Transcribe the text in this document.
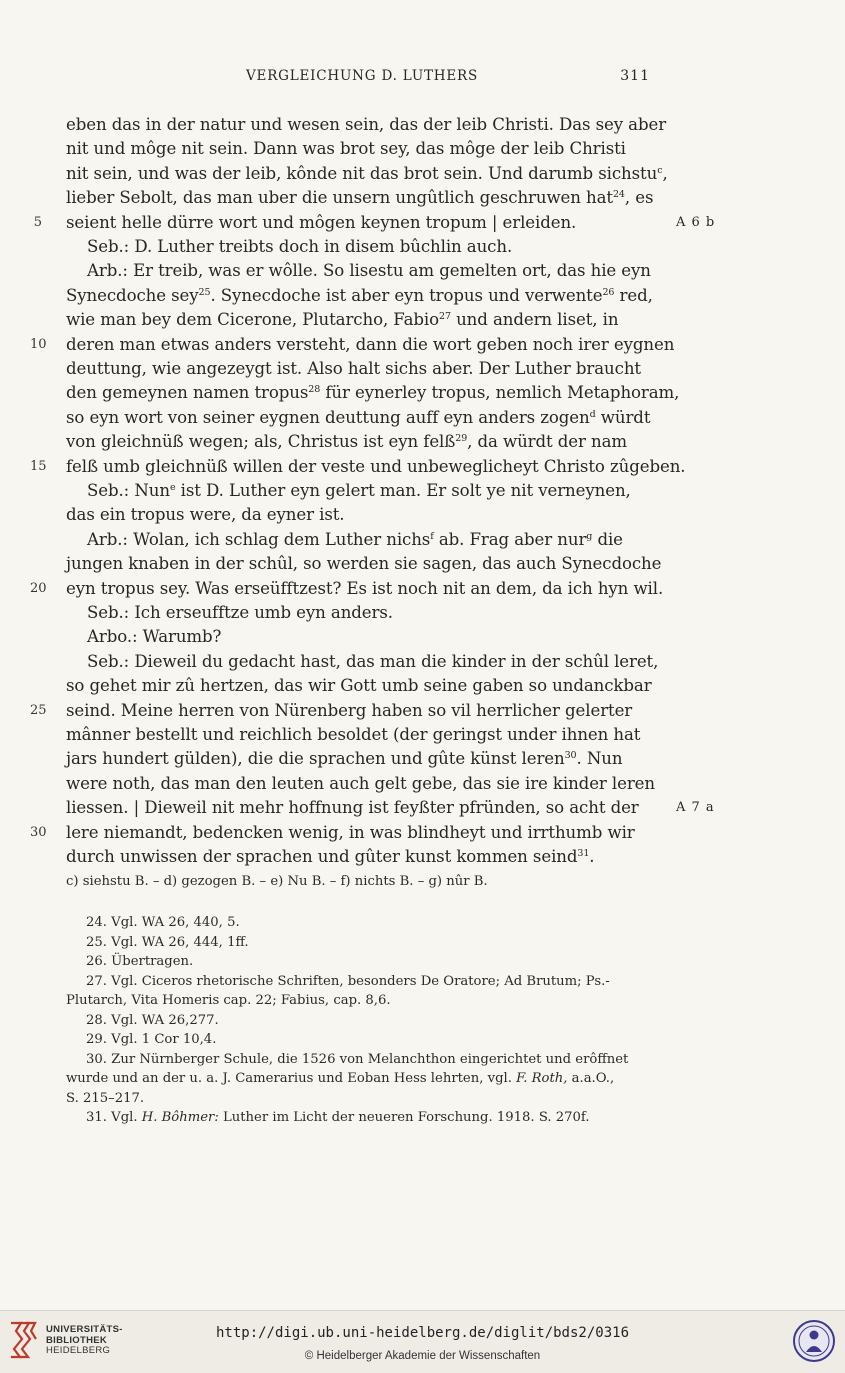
VERGLEICHUNG D. LUTHERS	311
eben das in der natur und wesen sein, das der leib Christi. Das sey aber
nit und môge nit sein. Dann was brot sey, das môge der leib Christi
nit sein, und was der leib, kônde nit das brot sein. Und darumb sichstu$^c$,
lieber Sebolt, das man uber die unsern ungûtlich geschruwen hat$^{24}$, es
seient helle dürre wort und môgen keynen tropum | erleiden.
5	A 6 b
Seb.: D. Luther treibts doch in disem bûchlin auch.
Arb.: Er treib, was er wôlle. So lisestu am gemelten ort, das hie eyn
Synecdoche sey$^{25}$. Synecdoche ist aber eyn tropus und verwente$^{26}$ red,
wie man bey dem Cicerone, Plutarcho, Fabio$^{27}$ und andern liset, in
deren man etwas anders versteht, dann die wort geben noch irer eygnen
10
deuttung, wie angezeygt ist. Also halt sichs aber. Der Luther braucht
den gemeynen namen tropus$^{28}$ für eynerley tropus, nemlich Metaphoram,
so eyn wort von seiner eygnen deuttung auff eyn anders zogen$^d$ würdt
von gleichnüß wegen; als, Christus ist eyn felß$^{29}$, da würdt der nam
felß umb gleichnüß willen der veste und unbeweglicheyt Christo zûgeben.
15
Seb.: Nun$^e$ ist D. Luther eyn gelert man. Er solt ye nit verneynen,
das ein tropus were, da eyner ist.
Arb.: Wolan, ich schlag dem Luther nichs$^f$ ab. Frag aber nur$^g$ die
jungen knaben in der schûl, so werden sie sagen, das auch Synecdoche
eyn tropus sey. Was erseüfftzest? Es ist noch nit an dem, da ich hyn wil.
20
Seb.: Ich erseufftze umb eyn anders.
Arbo.: Warumb?
Seb.: Dieweil du gedacht hast, das man die kinder in der schûl leret,
so gehet mir zû hertzen, das wir Gott umb seine gaben so undanckbar
seind. Meine herren von Nürenberg haben so vil herrlicher gelerter
25
mânner bestellt und reichlich besoldet (der geringst under ihnen hat
jars hundert gülden), die die sprachen und gûte künst leren$^{30}$. Nun
were noth, das man den leuten auch gelt gebe, das sie ire kinder leren
liessen. | Dieweil nit mehr hoffnung ist feyßter pfründen, so acht der	A 7 a
lere niemandt, bedencken wenig, in was blindheyt und irrthumb wir
30
durch unwissen der sprachen und gûter kunst kommen seind$^{31}$.
c) siehstu B. – d) gezogen B. – e) Nu B. – f) nichts B. – g) nûr B.

24. Vgl. WA 26, 440, 5.

25. Vgl. WA 26, 444, 1ff.

26. Übertragen.

27. Vgl. Ciceros rhetorische Schriften, besonders De Oratore; Ad Brutum; Ps.-

Plutarch, Vita Homeris cap. 22; Fabius, cap. 8,6.

28. Vgl. WA 26,277.

29. Vgl. 1 Cor 10,4.

30. Zur Nürnberger Schule, die 1526 von Melanchthon eingerichtet und erôffnet

wurde und an der u. a. J. Camerarius und Eoban Hess lehrten, vgl. F. Roth, a.a.O.,

S. 215–217.

31. Vgl. H. Bôhmer: Luther im Licht der neueren Forschung. 1918. S. 270f.

UNIVERSITÄTS-
BIBLIOTHEK
HEIDELBERG
http://digi.ub.uni-heidelberg.de/diglit/bds2/0316
© Heidelberger Akademie der Wissenschaften
